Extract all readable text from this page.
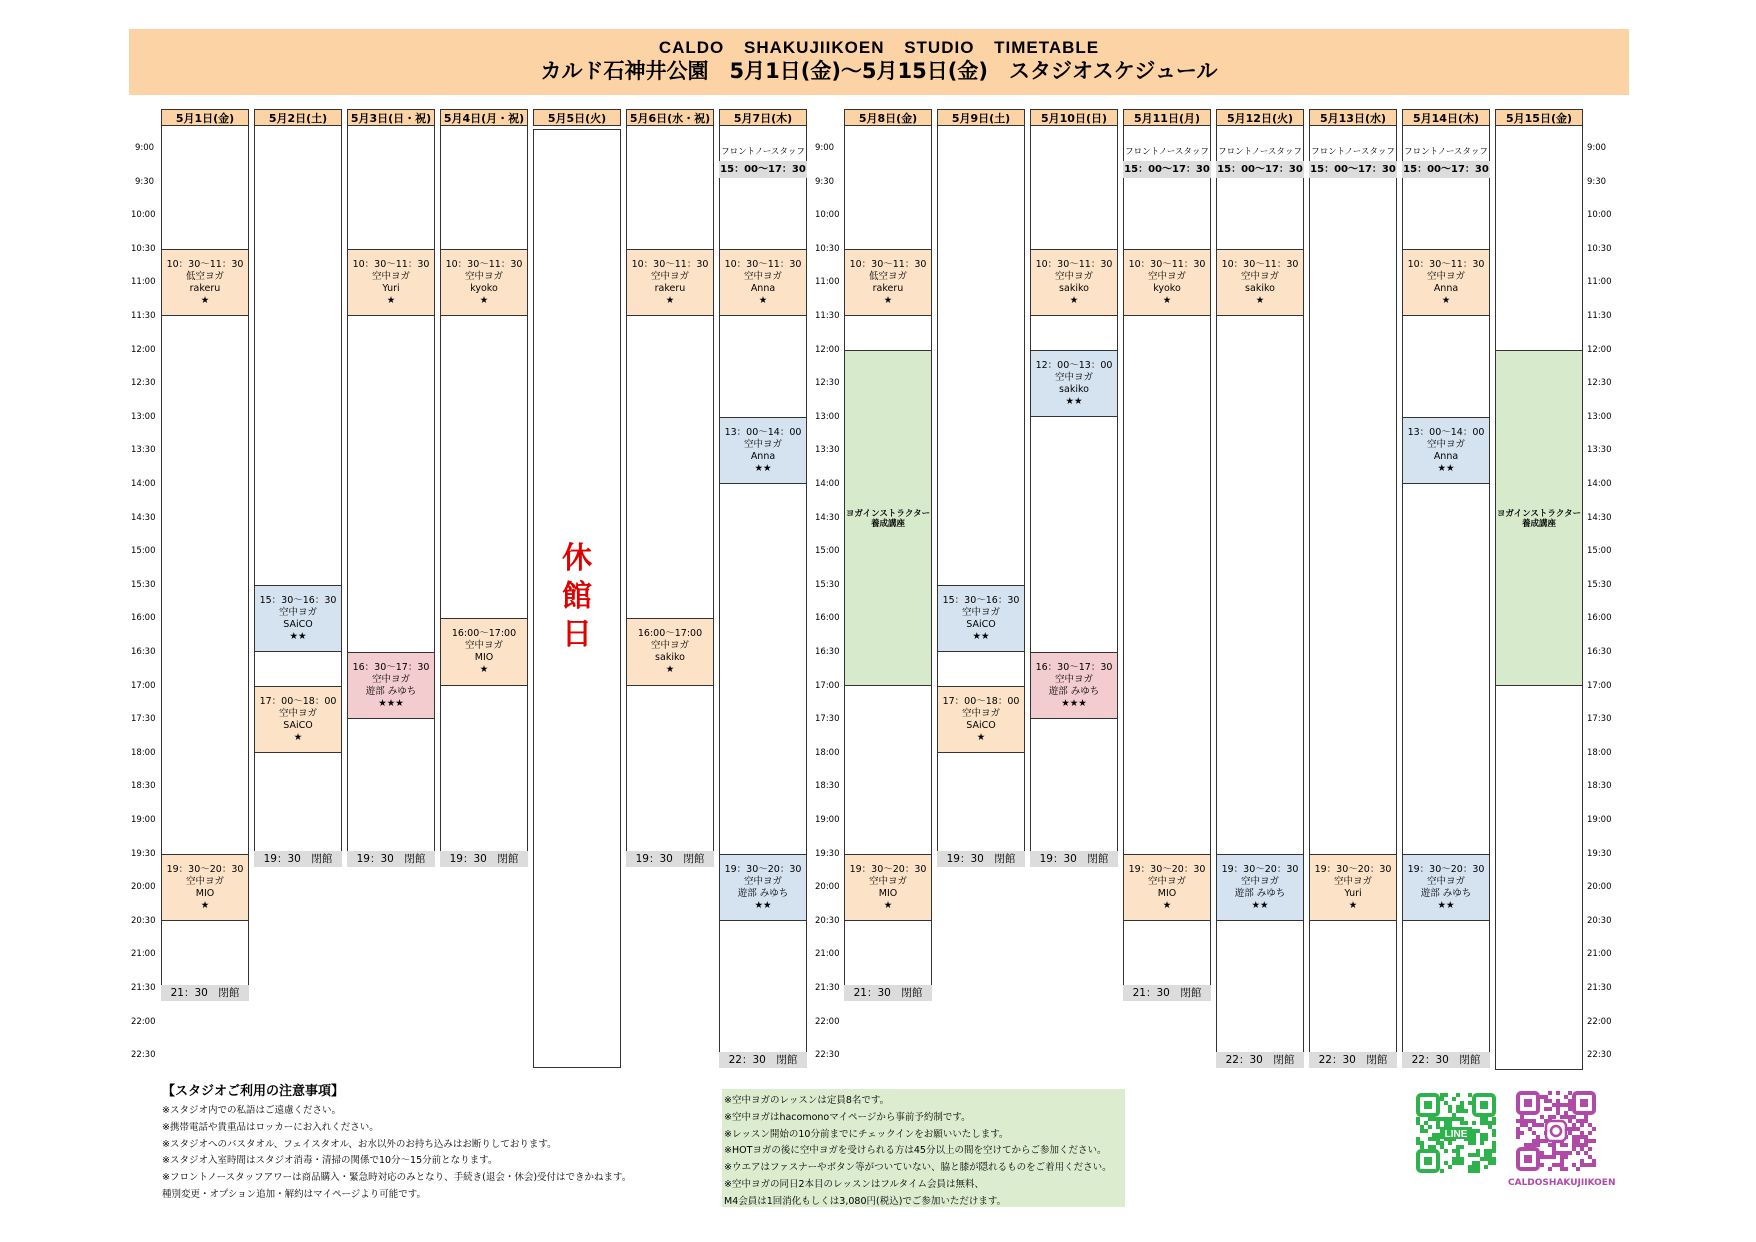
CALDO SHAKUJIIKOEN STUDIO TIMETABLE
カルド石神井公園　5月1日(金)〜5月15日(金)　スタジオスケジュール
9:00
9:30
10:00
10:30
11:00
11:30
12:00
12:30
13:00
13:30
14:00
14:30
15:00
15:30
16:00
16:30
17:00
17:30
18:00
18:30
19:00
19:30
20:00
20:30
21:00
21:30
22:00
22:30
9:00
9:30
10:00
10:30
11:00
11:30
12:00
12:30
13:00
13:30
14:00
14:30
15:00
15:30
16:00
16:30
17:00
17:30
18:00
18:30
19:00
19:30
20:00
20:30
21:00
21:30
22:00
22:30
9:00
9:30
10:00
10:30
11:00
11:30
12:00
12:30
13:00
13:30
14:00
14:30
15:00
15:30
16:00
16:30
17:00
17:30
18:00
18:30
19:00
19:30
20:00
20:30
21:00
21:30
22:00
22:30
5月1日(金)
10：30〜11：30
低空ヨガ
rakeru
★
19：30〜20：30
空中ヨガ
MIO
★
21：30　閉館
5月2日(土)
15：30〜16：30
空中ヨガ
SAiCO
★★
17：00〜18：00
空中ヨガ
SAiCO
★
19：30　閉館
5月3日(日・祝)
10：30〜11：30
空中ヨガ
Yuri
★
16：30〜17：30
空中ヨガ
遊部 みゆち
★★★
19：30　閉館
5月4日(月・祝)
10：30〜11：30
空中ヨガ
kyoko
★
16:00〜17:00
空中ヨガ
MIO
★
19：30　閉館
5月5日(火)
休
館
日
5月6日(水・祝)
10：30〜11：30
空中ヨガ
rakeru
★
16:00〜17:00
空中ヨガ
sakiko
★
19：30　閉館
5月7日(木)
フロントノースタッフ
15：00〜17：30
10：30〜11：30
空中ヨガ
Anna
★
13：00〜14：00
空中ヨガ
Anna
★★
19：30〜20：30
空中ヨガ
遊部 みゆち
★★
22：30　閉館
5月8日(金)
10：30〜11：30
低空ヨガ
rakeru
★
ヨガインストラクター
養成講座
19：30〜20：30
空中ヨガ
MIO
★
21：30　閉館
5月9日(土)
15：30〜16：30
空中ヨガ
SAiCO
★★
17：00〜18：00
空中ヨガ
SAiCO
★
19：30　閉館
5月10日(日)
10：30〜11：30
空中ヨガ
sakiko
★
12：00〜13：00
空中ヨガ
sakiko
★★
16：30〜17：30
空中ヨガ
遊部 みゆち
★★★
19：30　閉館
5月11日(月)
フロントノースタッフ
15：00〜17：30
10：30〜11：30
空中ヨガ
kyoko
★
19：30〜20：30
空中ヨガ
MIO
★
21：30　閉館
5月12日(火)
フロントノースタッフ
15：00〜17：30
10：30〜11：30
空中ヨガ
sakiko
★
19：30〜20：30
空中ヨガ
遊部 みゆち
★★
22：30　閉館
5月13日(水)
フロントノースタッフ
15：00〜17：30
19：30〜20：30
空中ヨガ
Yuri
★
22：30　閉館
5月14日(木)
フロントノースタッフ
15：00〜17：30
10：30〜11：30
空中ヨガ
Anna
★
13：00〜14：00
空中ヨガ
Anna
★★
19：30〜20：30
空中ヨガ
遊部 みゆち
★★
22：30　閉館
5月15日(金)
ヨガインストラクター
養成講座
【スタジオご利用の注意事項】
※スタジオ内での私語はご遠慮ください。
※携帯電話や貴重品はロッカーにお入れください。
※スタジオへのバスタオル、フェイスタオル、お水以外のお持ち込みはお断りしております。
※スタジオ入室時間はスタジオ消毒・清掃の関係で10分〜15分前となります。
※フロントノースタッフアワーは商品購入・緊急時対応のみとなり、手続き(退会・休会)受付はできかねます。
種別変更・オプション追加・解約はマイページより可能です。
※空中ヨガのレッスンは定員8名です。
※空中ヨガはhacomonoマイページから事前予約制です。
※レッスン開始の10分前までにチェックインをお願いいたします。
※HOTヨガの後に空中ヨガを受けられる方は45分以上の間を空けてからご参加ください。
※ウエアはファスナーやボタン等がついていない、脇と膝が隠れるものをご着用ください。
※空中ヨガの同日2本目のレッスンはフルタイム会員は無料、
M4会員は1回消化もしくは3,080円(税込)でご参加いただけます。
LINE
CALDOSHAKUJIIKOEN
